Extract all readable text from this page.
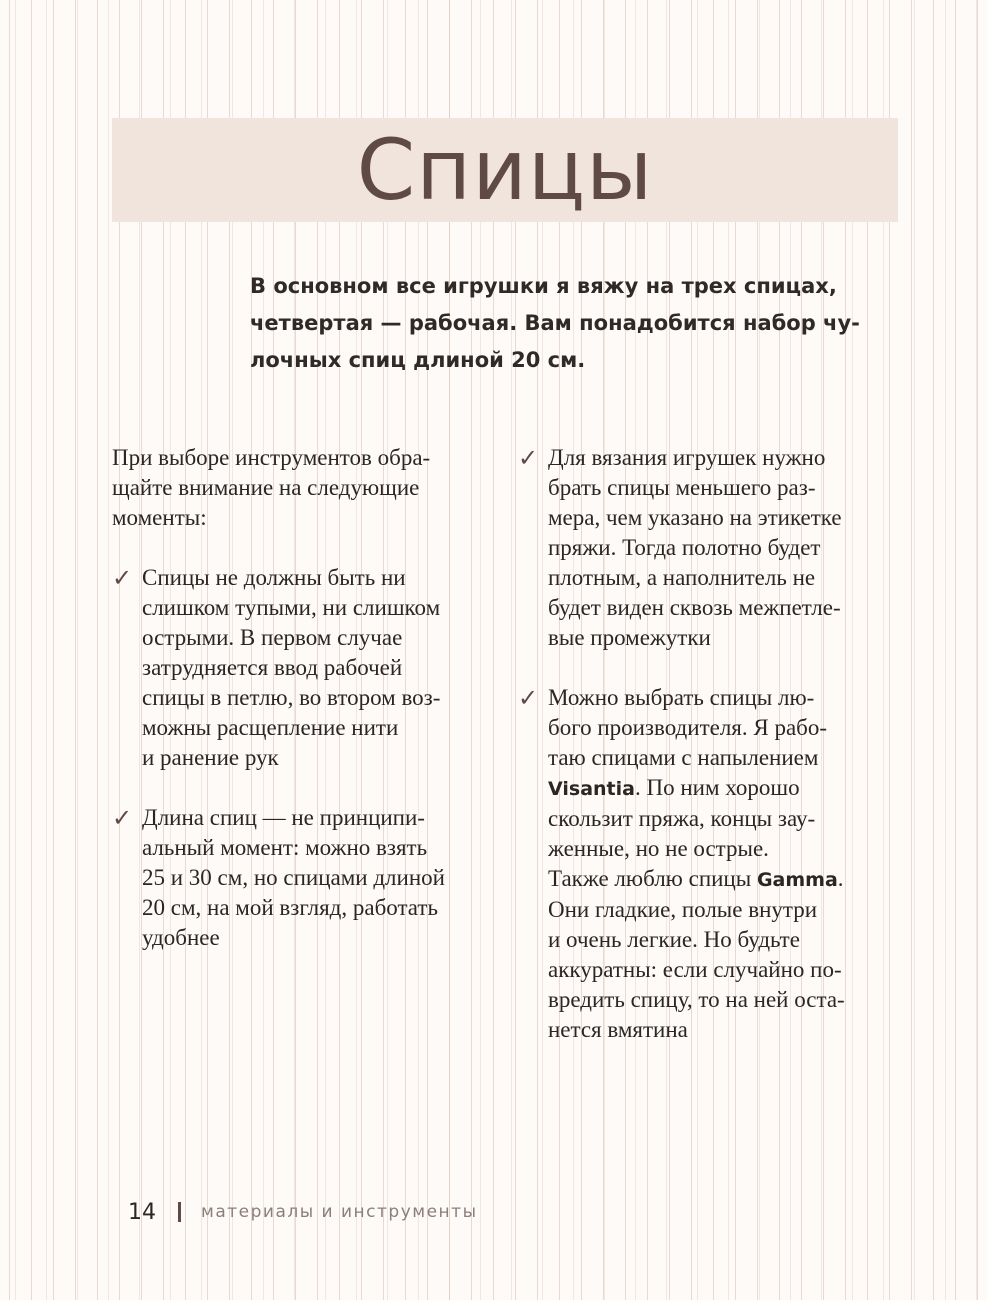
Спицы
В основном все игрушки я вяжу на трех спицах,
четвертая — рабочая. Вам понадобится набор чу-
лочных спиц длиной 20 см.
При выборе инструментов обра-
щайте внимание на следующие
моменты:
✓ Спицы не должны быть ни
слишком тупыми, ни слишком
острыми. В первом случае
затрудняется ввод рабочей
спицы в петлю, во втором воз-
можны расщепление нити
и ранение рук
✓ Длина спиц — не принципи-
альный момент: можно взять
25 и 30 см, но спицами длиной
20 см, на мой взгляд, работать
удобнее
✓ Для вязания игрушек нужно
брать спицы меньшего раз-
мера, чем указано на этикетке
пряжи. Тогда полотно будет
плотным, а наполнитель не
будет виден сквозь межпетле-
вые промежутки
✓ Можно выбрать спицы лю-
бого производителя. Я рабо-
таю спицами с напылением
Visantia. По ним хорошо
скользит пряжа, концы зау-
женные, но не острые.
Также люблю спицы Gamma.
Они гладкие, полые внутри
и очень легкие. Но будьте
аккуратны: если случайно по-
вредить спицу, то на ней оста-
нется вмятина
14	материалы и инструменты
